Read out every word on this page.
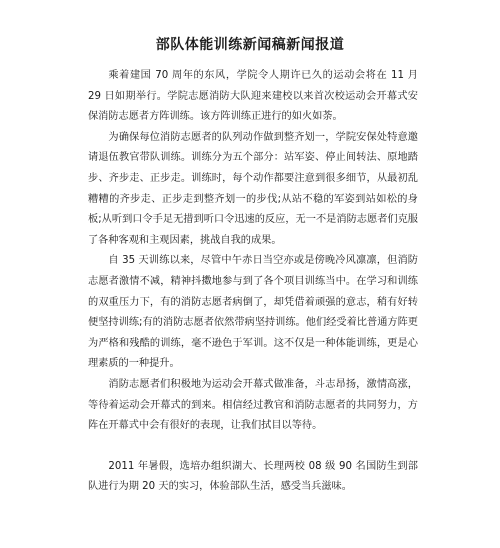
部队体能训练新闻稿新闻报道

乘着建国 70 周年的东风，学院令人期许已久的运动会将在 11 月 29 日如期举行。学院志愿消防大队迎来建校以来首次校运动会开幕式安保消防志愿者方阵训练。该方阵训练正进行的如火如荼。

为确保每位消防志愿者的队列动作做到整齐划一，学院安保处特意邀请退伍教官带队训练。训练分为五个部分：站军姿、停止间转法、原地踏步、齐步走、正步走。训练时，每个动作都要注意到很多细节，从最初乱糟糟的齐步走、正步走到整齐划一的步伐;从站不稳的军姿到站如松的身板;从听到口令手足无措到听口令迅速的反应，无一不是消防志愿者们克服了各种客观和主观因素，挑战自我的成果。

自 35 天训练以来，尽管中午赤日当空亦或是傍晚冷风凛凛，但消防志愿者激情不减，精神抖擞地参与到了各个项目训练当中。在学习和训练的双重压力下，有的消防志愿者病倒了，却凭借着顽强的意志，稍有好转便坚持训练;有的消防志愿者依然带病坚持训练。他们经受着比普通方阵更为严格和残酷的训练，毫不逊色于军训。这不仅是一种体能训练，更是心理素质的一种提升。

消防志愿者们积极地为运动会开幕式做准备，斗志昂扬，激情高涨，等待着运动会开幕式的到来。相信经过教官和消防志愿者的共同努力，方阵在开幕式中会有很好的表现，让我们拭目以等待。

2011 年暑假，选培办组织湖大、长理两校 08 级 90 名国防生到部队进行为期 20 天的实习，体验部队生活，感受当兵滋味。
